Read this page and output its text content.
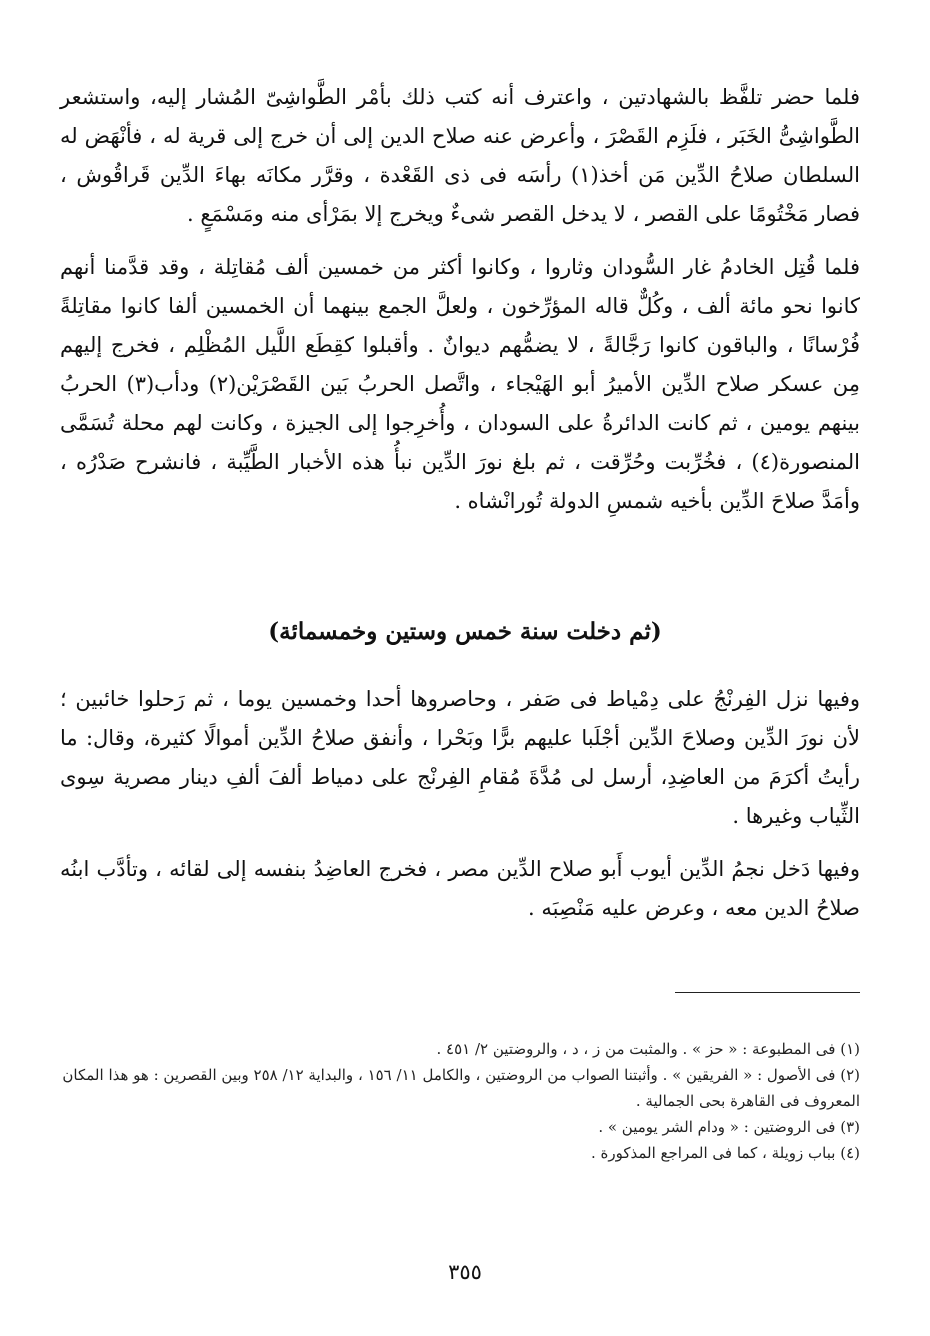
فلما حضر تلفَّظ بالشهادتين ، واعترف أنه كتب ذلك بأمْر الطَّواشِىّ المُشار إليه، واستشعر الطَّواشِىُّ الخَبَر ، فلَزِم القَصْرَ ، وأعرض عنه صلاح الدين إلى أن خرج إلى قرية له ، فأنْهَض له السلطان صلاحُ الدِّين مَن أخذ(١) رأسَه فى ذى القَعْدة ، وقرَّر مكانَه بهاءَ الدِّين قَراقُوش ، فصار مَخْتُومًا على القصر ، لا يدخل القصر شىءٌ ويخرج إلا بمَرْأى منه ومَسْمَعٍ .

فلما قُتِل الخادمُ غار السُّودان وثاروا ، وكانوا أكثر من خمسين ألف مُقاتِلة ، وقد قدَّمنا أنهم كانوا نحو مائة ألف ، وكُلٌّ قاله المؤرِّخون ، ولعلَّ الجمع بينهما أن الخمسين ألفا كانوا مقاتِلةً فُرْسانًا ، والباقون كانوا رَجَّالةً ، لا يضمُّهم ديوانٌ . وأقبلوا كقِطَع اللَّيل المُظْلِم ، فخرج إليهم مِن عسكر صلاح الدِّين الأميرُ أبو الهَيْجاء ، واتَّصل الحربُ بَين القَصْرَيْن(٢) ودأب(٣) الحربُ بينهم يومين ، ثم كانت الدائرةُ على السودان ، وأُخرِجوا إلى الجيزة ، وكانت لهم محلة تُسَمَّى المنصورة(٤) ، فخُرِّبت وحُرِّقت ، ثم بلغ نورَ الدِّين نبأُ هذه الأخبار الطَّيِّبة ، فانشرح صَدْرُه ، وأمَدَّ صلاحَ الدِّين بأخيه شمسِ الدولة تُورانْشاه .

(ثم دخلت سنة خمس وستين وخمسمائة)

وفيها نزل الفِرنْجُ على دِمْياط فى صَفر ، وحاصروها أحدا وخمسين يوما ، ثم رَحلوا خائبين ؛ لأن نورَ الدِّين وصلاحَ الدِّين أجْلَبا عليهم برًّا وبَحْرا ، وأنفق صلاحُ الدِّين أموالًا كثيرة، وقال: ما رأيتُ أكرَمَ من العاضِدِ، أرسل لى مُدَّةَ مُقامِ الفِرنْج على دمياط ألفَ ألفِ دينار مصرية سِوى الثِّياب وغيرها .

وفيها دَخل نجمُ الدِّين أيوب أَبو صلاح الدِّين مصر ، فخرج العاضِدُ بنفسه إلى لقائه ، وتأدَّب ابنُه صلاحُ الدين معه ، وعرض عليه مَنْصِبَه .

(١) فى المطبوعة : « حز » . والمثبت من ز ، د ، والروضتين ٢/ ٤٥١ .

(٢) فى الأصول : « الفريقين » . وأثبتنا الصواب من الروضتين ، والكامل ١١/ ١٥٦ ، والبداية ١٢/ ٢٥٨ وبين القصرين : هو هذا المكان المعروف فى القاهرة بحى الجمالية .

(٣) فى الروضتين : « ودام الشر يومين » .

(٤) بباب زويلة ، كما فى المراجع المذكورة .

٣٥٥
